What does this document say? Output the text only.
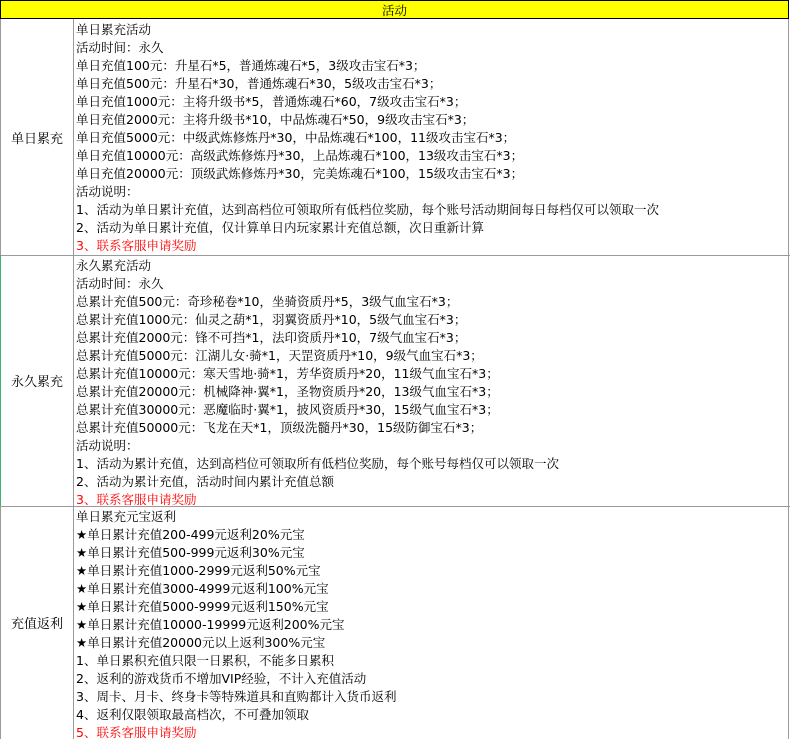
活动
单日累充
单日累充活动
活动时间：永久
单日充值100元：升星石*5，普通炼魂石*5，3级攻击宝石*3；
单日充值500元：升星石*30，普通炼魂石*30，5级攻击宝石*3；
单日充值1000元：主将升级书*5，普通炼魂石*60，7级攻击宝石*3；
单日充值2000元：主将升级书*10，中品炼魂石*50，9级攻击宝石*3；
单日充值5000元：中级武炼修炼丹*30，中品炼魂石*100，11级攻击宝石*3；
单日充值10000元：高级武炼修炼丹*30，上品炼魂石*100，13级攻击宝石*3；
单日充值20000元：顶级武炼修炼丹*30，完美炼魂石*100，15级攻击宝石*3；
活动说明：
1、活动为单日累计充值，达到高档位可领取所有低档位奖励，每个账号活动期间每日每档仅可以领取一次
2、活动为单日累计充值，仅计算单日内玩家累计充值总额，次日重新计算
3、联系客服申请奖励
永久累充
永久累充活动
活动时间：永久
总累计充值500元：奇珍秘卷*10，坐骑资质丹*5，3级气血宝石*3；
总累计充值1000元：仙灵之葫*1，羽翼资质丹*10，5级气血宝石*3；
总累计充值2000元：锋不可挡*1，法印资质丹*10，7级气血宝石*3；
总累计充值5000元：江湖儿女·骑*1，天罡资质丹*10，9级气血宝石*3；
总累计充值10000元：寒天雪地·骑*1，芳华资质丹*20，11级气血宝石*3；
总累计充值20000元：机械降神·翼*1，圣物资质丹*20，13级气血宝石*3；
总累计充值30000元：恶魔临时·翼*1，披风资质丹*30，15级气血宝石*3；
总累计充值50000元：飞龙在天*1，顶级洗髓丹*30，15级防御宝石*3；
活动说明：
1、活动为累计充值，达到高档位可领取所有低档位奖励，每个账号每档仅可以领取一次
2、活动为累计充值，活动时间内累计充值总额
3、联系客服申请奖励
充值返利
单日累充元宝返利
★单日累计充值200-499元返利20%元宝
★单日累计充值500-999元返利30%元宝
★单日累计充值1000-2999元返利50%元宝
★单日累计充值3000-4999元返利100%元宝
★单日累计充值5000-9999元返利150%元宝
★单日累计充值10000-19999元返利200%元宝
★单日累计充值20000元以上返利300%元宝
1、单日累积充值只限一日累积，不能多日累积
2、返利的游戏货币不增加VIP经验，不计入充值活动
3、周卡、月卡、终身卡等特殊道具和直购都计入货币返利
4、返利仅限领取最高档次，不可叠加领取
5、联系客服申请奖励
